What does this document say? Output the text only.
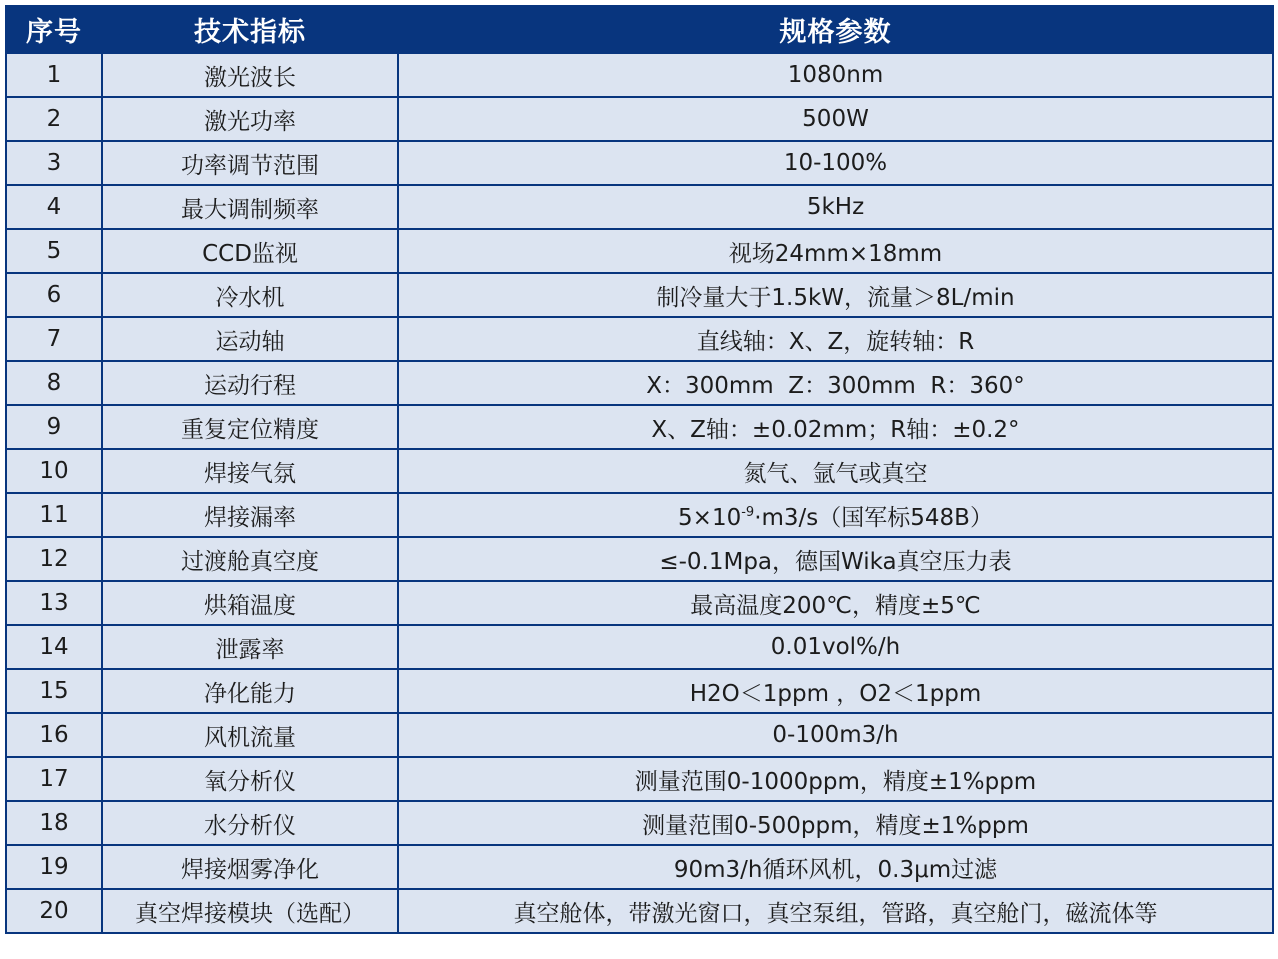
序号	技术指标	规格参数
1	激光波长	1080nm
2	激光功率	500W
3	功率调节范围	10-100%
4	最大调制频率	5kHz
5	CCD监视	视场24mm×18mm
6	冷水机	制冷量大于1.5kW，流量＞8L/min
7	运动轴	直线轴：X、Z，旋转轴：R
8	运动行程	X：300mm  Z：300mm  R：360°
9	重复定位精度	X、Z轴：±0.02mm；R轴：±0.2°
10	焊接气氛	氮气、氩气或真空
11	焊接漏率	$5\times 10^{-9}\cdot m3/s$（国军标548B）
12	过渡舱真空度	≤-0.1Mpa，德国Wika真空压力表
13	烘箱温度	最高温度200℃，精度±5℃
14	泄露率	0.01vol%/h
15	净化能力	H2O＜1ppm ，O2＜1ppm
16	风机流量	0-100m3/h
17	氧分析仪	测量范围0-1000ppm，精度±1%ppm
18	水分析仪	测量范围0-500ppm，精度±1%ppm
19	焊接烟雾净化	90m3/h循环风机，0.3μm过滤
20	真空焊接模块（选配）	真空舱体，带激光窗口，真空泵组，管路，真空舱门，磁流体等
